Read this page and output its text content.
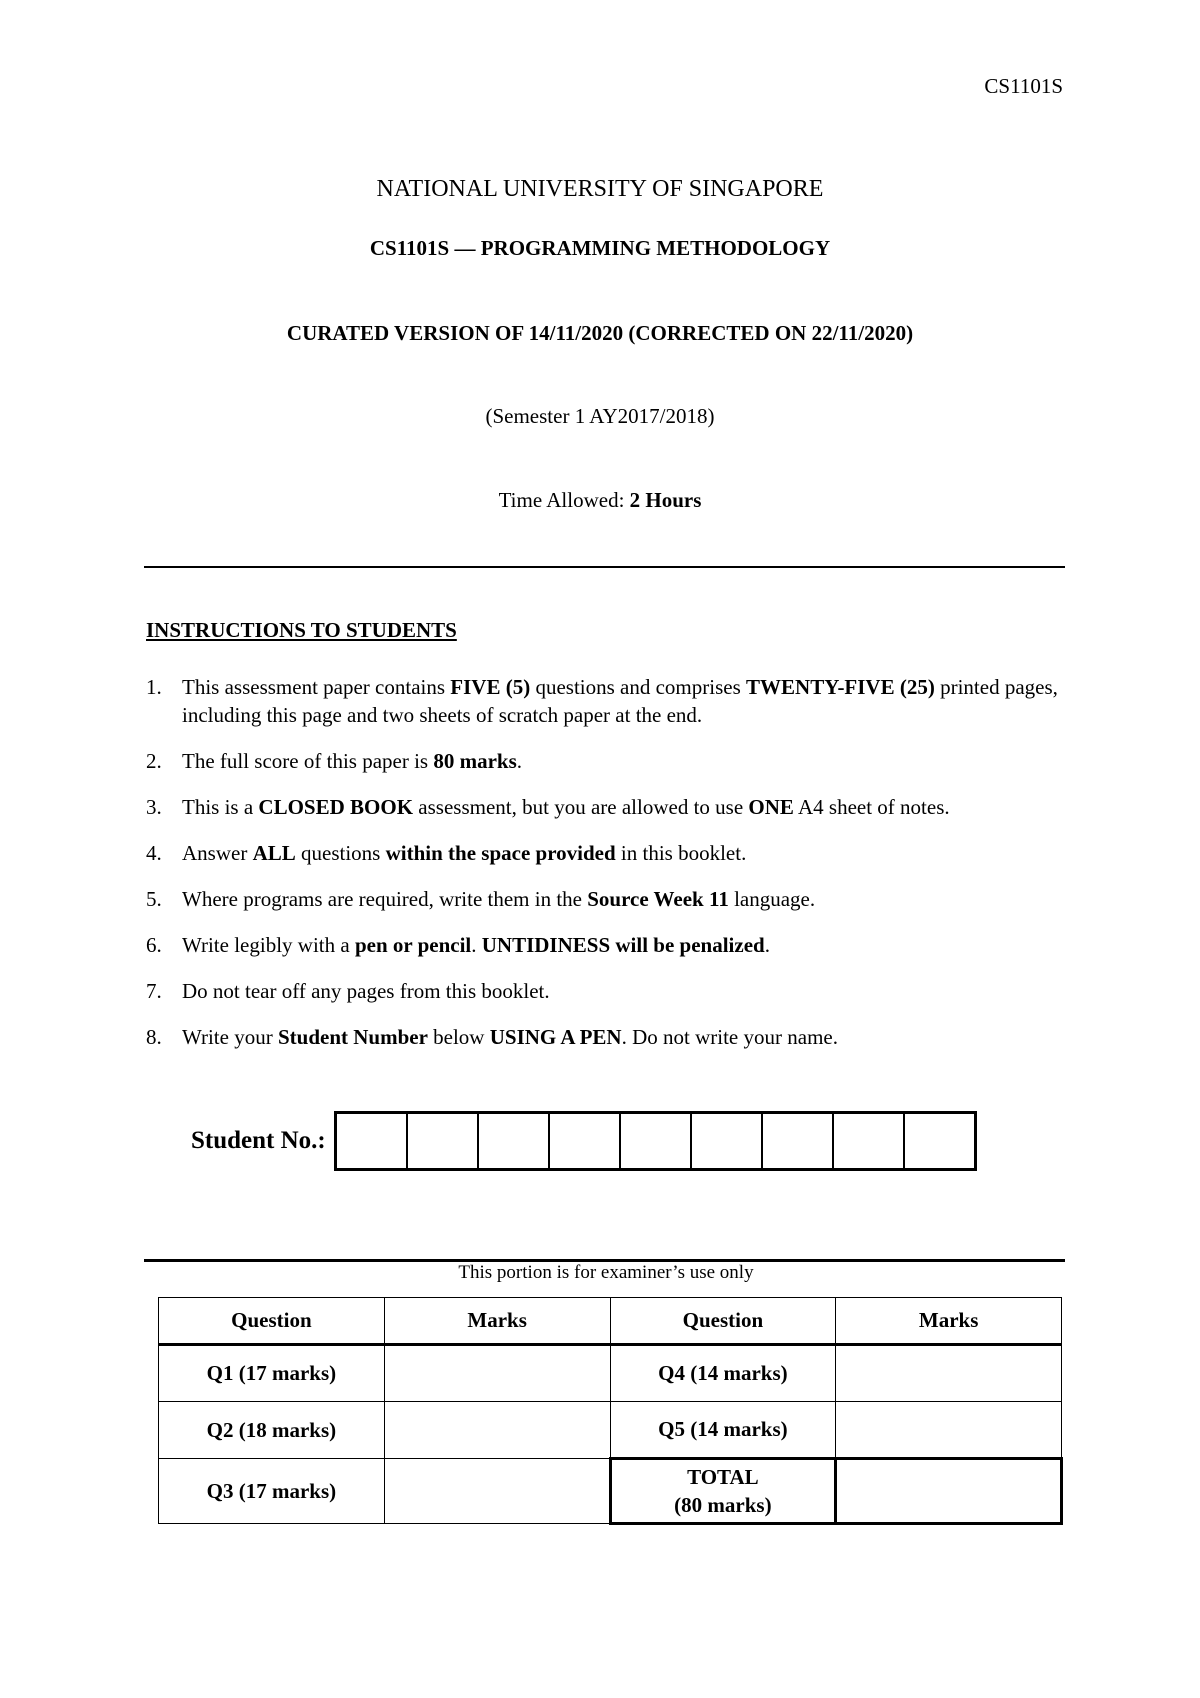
CS1101S
NATIONAL UNIVERSITY OF SINGAPORE
CS1101S — PROGRAMMING METHODOLOGY
CURATED VERSION OF 14/11/2020 (CORRECTED ON 22/11/2020)
(Semester 1 AY2017/2018)
Time Allowed: 2 Hours
INSTRUCTIONS TO STUDENTS
1. This assessment paper contains FIVE (5) questions and comprises TWENTY-FIVE (25) printed pages, including this page and two sheets of scratch paper at the end.
2. The full score of this paper is 80 marks.
3. This is a CLOSED BOOK assessment, but you are allowed to use ONE A4 sheet of notes.
4. Answer ALL questions within the space provided in this booklet.
5. Where programs are required, write them in the Source Week 11 language.
6. Write legibly with a pen or pencil. UNTIDINESS will be penalized.
7. Do not tear off any pages from this booklet.
8. Write your Student Number below USING A PEN. Do not write your name.
Student No.:
This portion is for examiner’s use only
Question	Marks	Question	Marks
Q1 (17 marks)		Q4 (14 marks)	
Q2 (18 marks)		Q5 (14 marks)	
Q3 (17 marks)		TOTAL
(80 marks)	
